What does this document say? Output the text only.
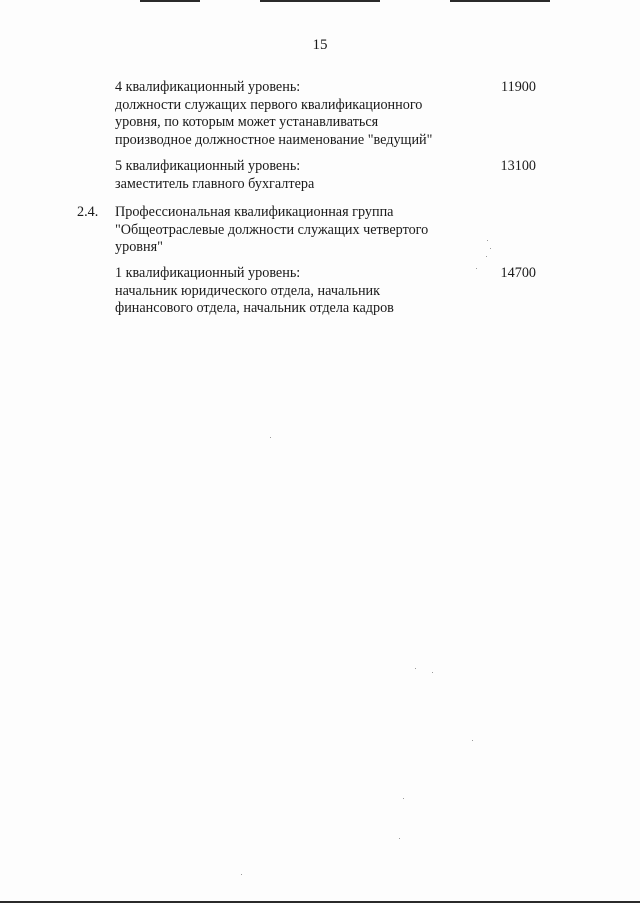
15
4 квалификационный уровень:
должности служащих первого квалификационного
уровня, по которым может устанавливаться
производное должностное наименование "ведущий"
11900
5 квалификационный уровень:
заместитель главного бухгалтера
13100
2.4. Профессиональная квалификационная группа
"Общеотраслевые должности служащих четвертого
уровня"
1 квалификационный уровень:
начальник юридического отдела, начальник
финансового отдела, начальник отдела кадров
14700
